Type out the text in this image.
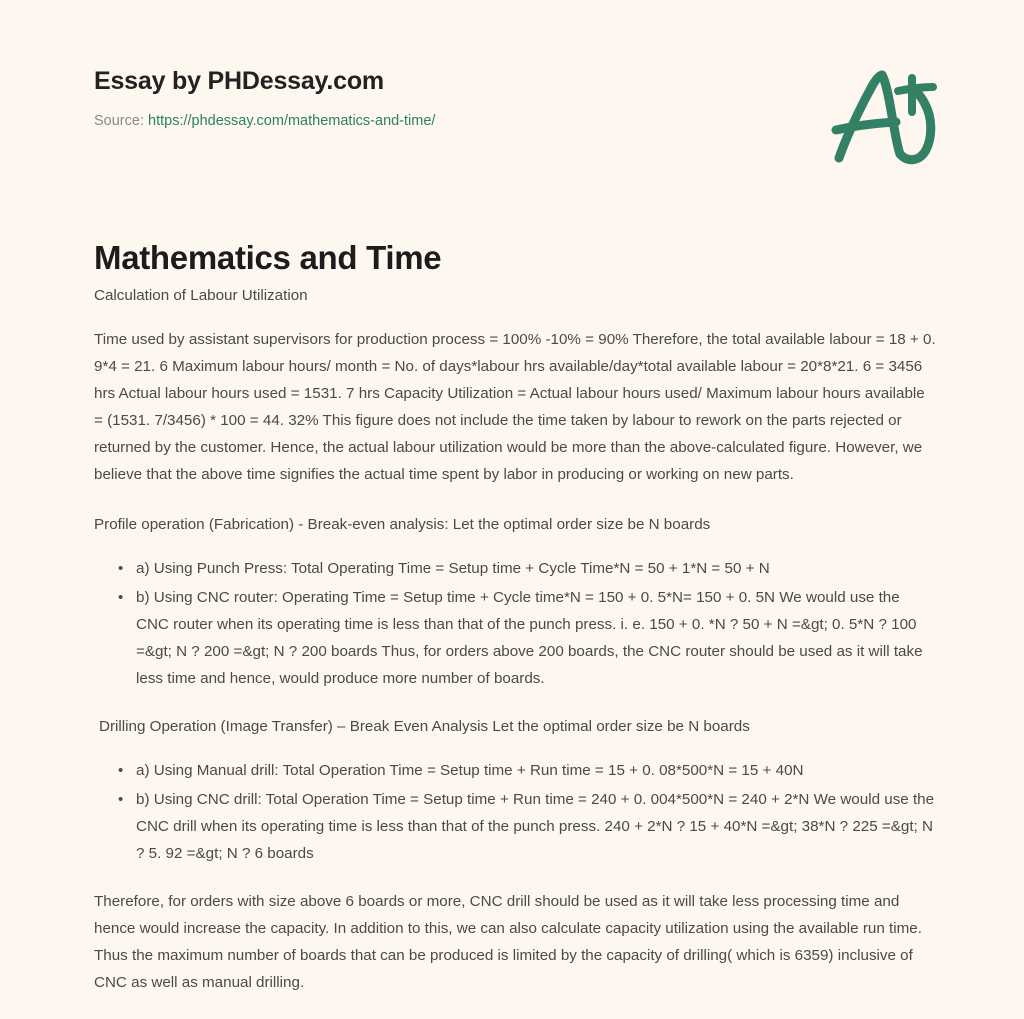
Essay by PHDessay.com
Source: https://phdessay.com/mathematics-and-time/
Mathematics and Time

Calculation of Labour Utilization

Time used by assistant supervisors for production process = 100% -10% = 90% Therefore, the total available labour = 18 + 0. 9*4 = 21. 6 Maximum labour hours/ month = No. of days*labour hrs available/day*total available labour = 20*8*21. 6 = 3456 hrs Actual labour hours used = 1531. 7 hrs Capacity Utilization = Actual labour hours used/ Maximum labour hours available = (1531. 7/3456) * 100 = 44. 32% This figure does not include the time taken by labour to rework on the parts rejected or returned by the customer. Hence, the actual labour utilization would be more than the above-calculated figure. However, we believe that the above time signifies the actual time spent by labor in producing or working on new parts.

Profile operation (Fabrication) - Break-even analysis: Let the optimal order size be N boards

• a) Using Punch Press: Total Operating Time = Setup time + Cycle Time*N = 50 + 1*N = 50 + N
• b) Using CNC router: Operating Time = Setup time + Cycle time*N = 150 + 0. 5*N= 150 + 0. 5N We would use the CNC router when its operating time is less than that of the punch press. i. e. 150 + 0. *N ? 50 + N =&gt; 0. 5*N ? 100 =&gt; N ? 200 =&gt; N ? 200 boards Thus, for orders above 200 boards, the CNC router should be used as it will take less time and hence, would produce more number of boards.

Drilling Operation (Image Transfer) – Break Even Analysis Let the optimal order size be N boards

• a) Using Manual drill: Total Operation Time = Setup time + Run time = 15 + 0. 08*500*N = 15 + 40N
• b) Using CNC drill: Total Operation Time = Setup time + Run time = 240 + 0. 004*500*N = 240 + 2*N We would use the CNC drill when its operating time is less than that of the punch press. 240 + 2*N ? 15 + 40*N =&gt; 38*N ? 225 =&gt; N ? 5. 92 =&gt; N ? 6 boards

Therefore, for orders with size above 6 boards or more, CNC drill should be used as it will take less processing time and hence would increase the capacity. In addition to this, we can also calculate capacity utilization using the available run time. Thus the maximum number of boards that can be produced is limited by the capacity of drilling( which is 6359) inclusive of CNC as well as manual drilling.
